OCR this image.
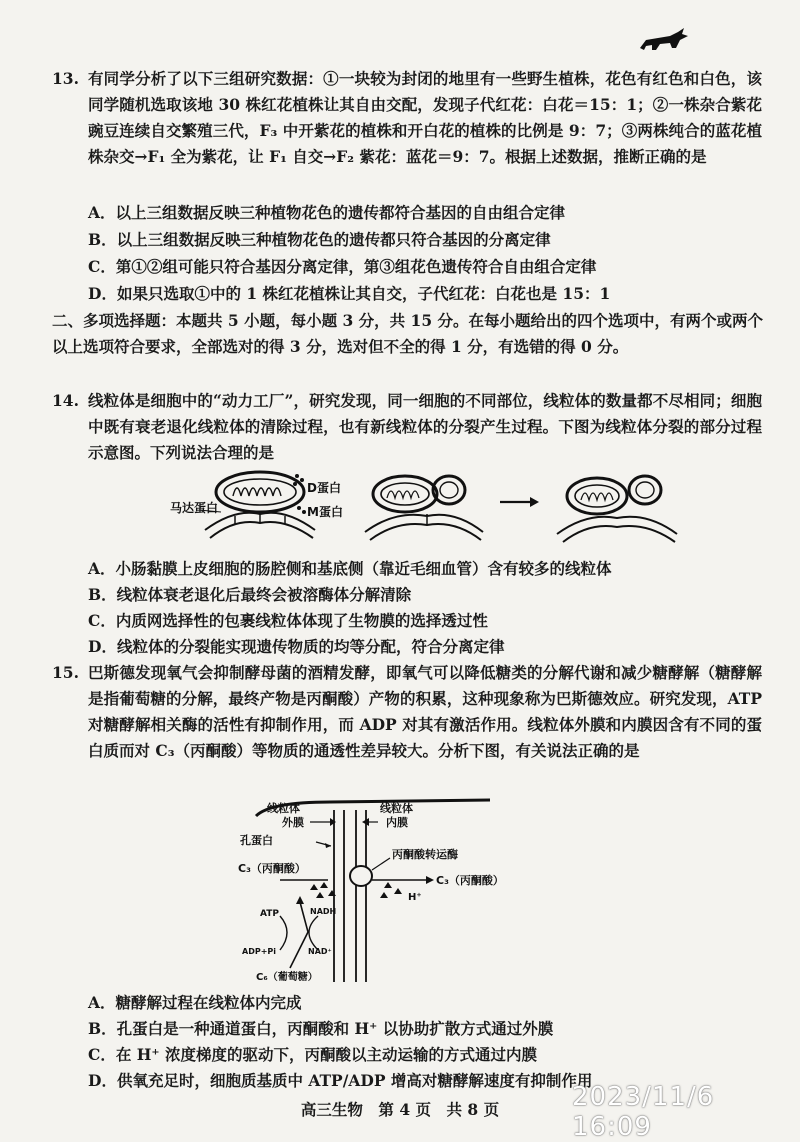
13. 有同学分析了以下三组研究数据：①一块较为封闭的地里有一些野生植株，花色有红色和白色，该同学随机选取该地 30 株红花植株让其自由交配，发现子代红花：白花＝15：1；②一株杂合紫花豌豆连续自交繁殖三代，F₃ 中开紫花的植株和开白花的植株的比例是 9：7；③两株纯合的蓝花植株杂交→F₁ 全为紫花，让 F₁ 自交→F₂ 紫花：蓝花＝9：7。根据上述数据，推断正确的是
A．以上三组数据反映三种植物花色的遗传都符合基因的自由组合定律
B．以上三组数据反映三种植物花色的遗传都只符合基因的分离定律
C．第①②组可能只符合基因分离定律，第③组花色遗传符合自由组合定律
D．如果只选取①中的 1 株红花植株让其自交，子代红花：白花也是 15：1
二、多项选择题：本题共 5 小题，每小题 3 分，共 15 分。在每小题给出的四个选项中，有两个或两个以上选项符合要求，全部选对的得 3 分，选对但不全的得 1 分，有选错的得 0 分。
14. 线粒体是细胞中的“动力工厂”，研究发现，同一细胞的不同部位，线粒体的数量都不尽相同；细胞中既有衰老退化线粒体的清除过程，也有新线粒体的分裂产生过程。下图为线粒体分裂的部分过程示意图。下列说法合理的是
马达蛋白
D蛋白
M蛋白
A．小肠黏膜上皮细胞的肠腔侧和基底侧（靠近毛细血管）含有较多的线粒体
B．线粒体衰老退化后最终会被溶酶体分解清除
C．内质网选择性的包裹线粒体体现了生物膜的选择透过性
D．线粒体的分裂能实现遗传物质的均等分配，符合分离定律
15. 巴斯德发现氧气会抑制酵母菌的酒精发酵，即氧气可以降低糖类的分解代谢和减少糖酵解（糖酵解是指葡萄糖的分解，最终产物是丙酮酸）产物的积累，这种现象称为巴斯德效应。研究发现，ATP 对糖酵解相关酶的活性有抑制作用，而 ADP 对其有激活作用。线粒体外膜和内膜因含有不同的蛋白质而对 C₃（丙酮酸）等物质的通透性差异较大。分析下图，有关说法正确的是
线粒体外膜
线粒体内膜
孔蛋白
丙酮酸转运酶
C₃（丙酮酸）
C₃（丙酮酸）
H⁺
ATP	NADH
ADP+Pi	NAD⁺
C₆（葡萄糖）
A．糖酵解过程在线粒体内完成
B．孔蛋白是一种通道蛋白，丙酮酸和 H⁺ 以协助扩散方式通过外膜
C．在 H⁺ 浓度梯度的驱动下，丙酮酸以主动运输的方式通过内膜
D．供氧充足时，细胞质基质中 ATP/ADP 增高对糖酵解速度有抑制作用
高三生物　第 4 页　共 8 页	2023/11/6 16:09
